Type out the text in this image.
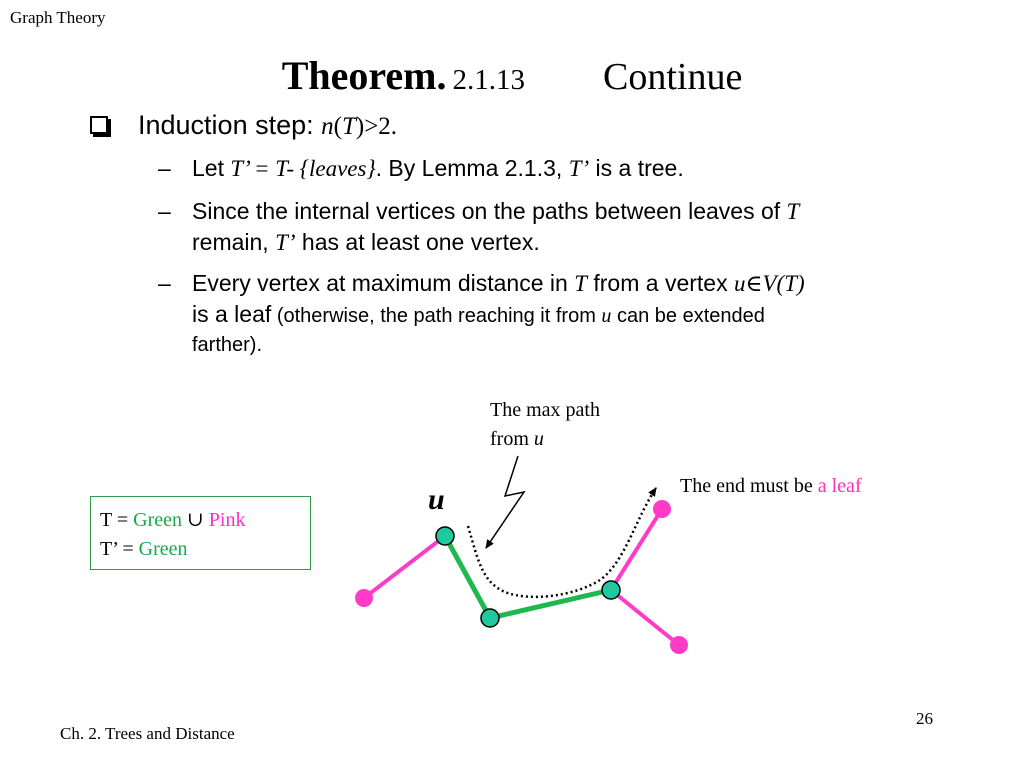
Graph Theory
Theorem. 2.1.13 Continue
Induction step: n(T)>2.
– Let T’ = T- {leaves}. By Lemma 2.1.3, T’ is a tree.
– Since the internal vertices on the paths between leaves of T
remain, T’ has at least one vertex.
– Every vertex at maximum distance in T from a vertex u∈V(T)
is a leaf (otherwise, the path reaching it from u can be extended
farther).
T = Green ∪ Pink
T’ = Green
u
The max path
from u
The end must be a leaf
Ch. 2. Trees and Distance
26
